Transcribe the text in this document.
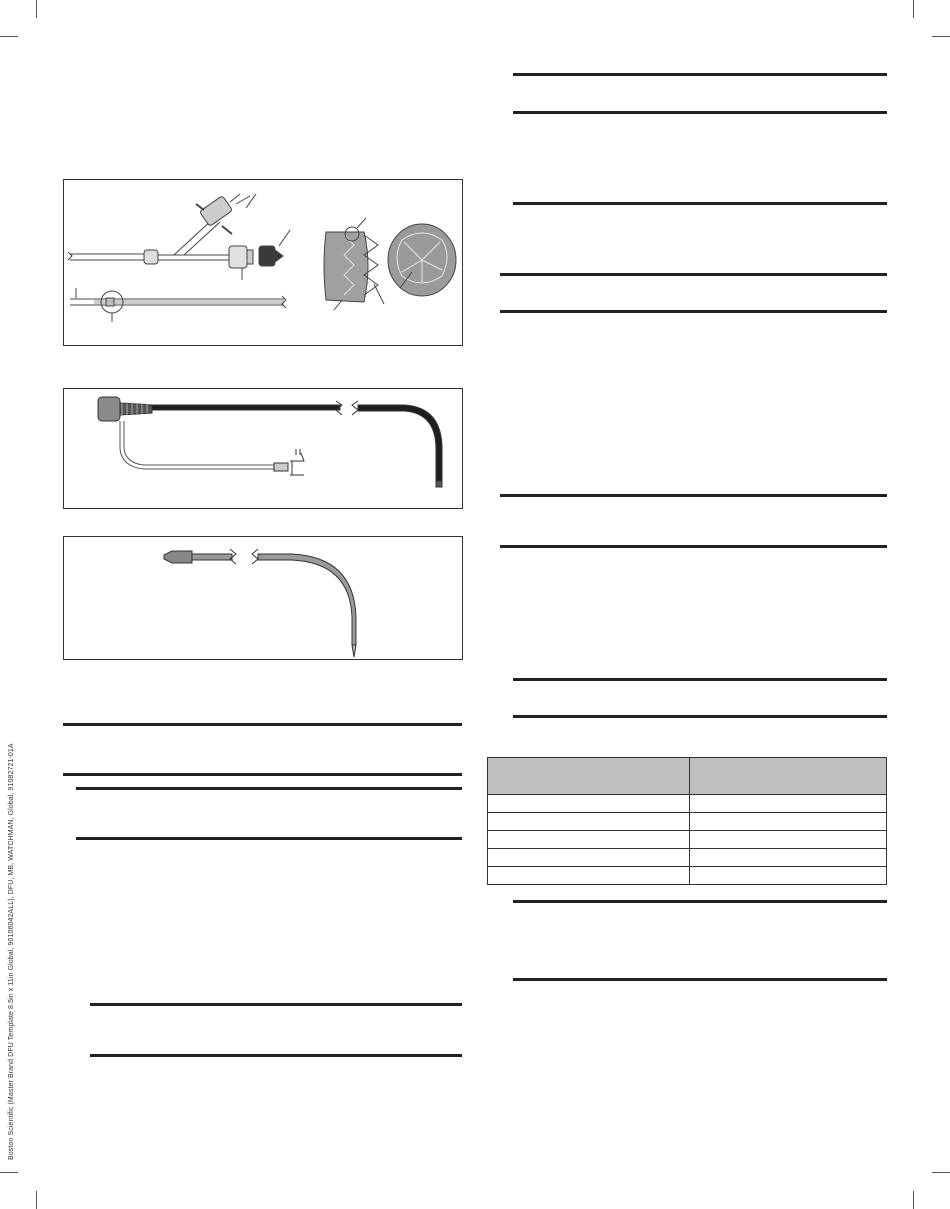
Boston Scientific (Master Brand DFU Template 8.5in x 11in Global, 90106042ALL), DFU, MB, WATCHMAN, Global, 91082721-01A
